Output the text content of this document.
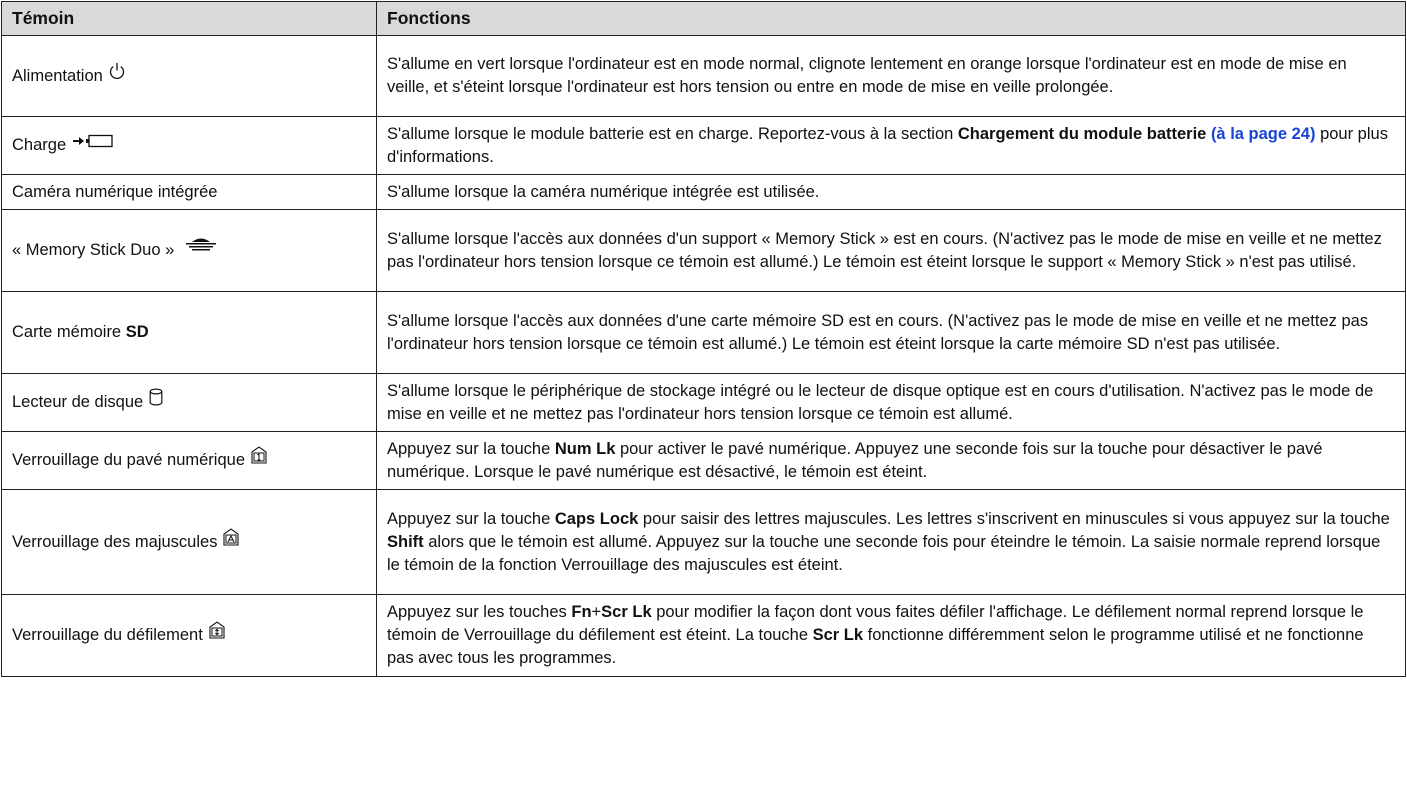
Témoin	Fonctions
Alimentation	S'allume en vert lorsque l'ordinateur est en mode normal, clignote lentement en orange lorsque l'ordinateur est en mode de mise en veille, et s'éteint lorsque l'ordinateur est hors tension ou entre en mode de mise en veille prolongée.
Charge	S'allume lorsque le module batterie est en charge. Reportez-vous à la section Chargement du module batterie (à la page 24) pour plus d'informations.
Caméra numérique intégrée	S'allume lorsque la caméra numérique intégrée est utilisée.
« Memory Stick Duo »	S'allume lorsque l'accès aux données d'un support « Memory Stick » est en cours. (N'activez pas le mode de mise en veille et ne mettez pas l'ordinateur hors tension lorsque ce témoin est allumé.) Le témoin est éteint lorsque le support « Memory Stick » n'est pas utilisé.
Carte mémoire SD	S'allume lorsque l'accès aux données d'une carte mémoire SD est en cours. (N'activez pas le mode de mise en veille et ne mettez pas l'ordinateur hors tension lorsque ce témoin est allumé.) Le témoin est éteint lorsque la carte mémoire SD n'est pas utilisée.
Lecteur de disque	S'allume lorsque le périphérique de stockage intégré ou le lecteur de disque optique est en cours d'utilisation. N'activez pas le mode de mise en veille et ne mettez pas l'ordinateur hors tension lorsque ce témoin est allumé.
Verrouillage du pavé numérique	Appuyez sur la touche Num Lk pour activer le pavé numérique. Appuyez une seconde fois sur la touche pour désactiver le pavé numérique. Lorsque le pavé numérique est désactivé, le témoin est éteint.
Verrouillage des majuscules	Appuyez sur la touche Caps Lock pour saisir des lettres majuscules. Les lettres s'inscrivent en minuscules si vous appuyez sur la touche Shift alors que le témoin est allumé. Appuyez sur la touche une seconde fois pour éteindre le témoin. La saisie normale reprend lorsque le témoin de la fonction Verrouillage des majuscules est éteint.
Verrouillage du défilement	Appuyez sur les touches Fn+Scr Lk pour modifier la façon dont vous faites défiler l'affichage. Le défilement normal reprend lorsque le témoin de Verrouillage du défilement est éteint. La touche Scr Lk fonctionne différemment selon le programme utilisé et ne fonctionne pas avec tous les programmes.
